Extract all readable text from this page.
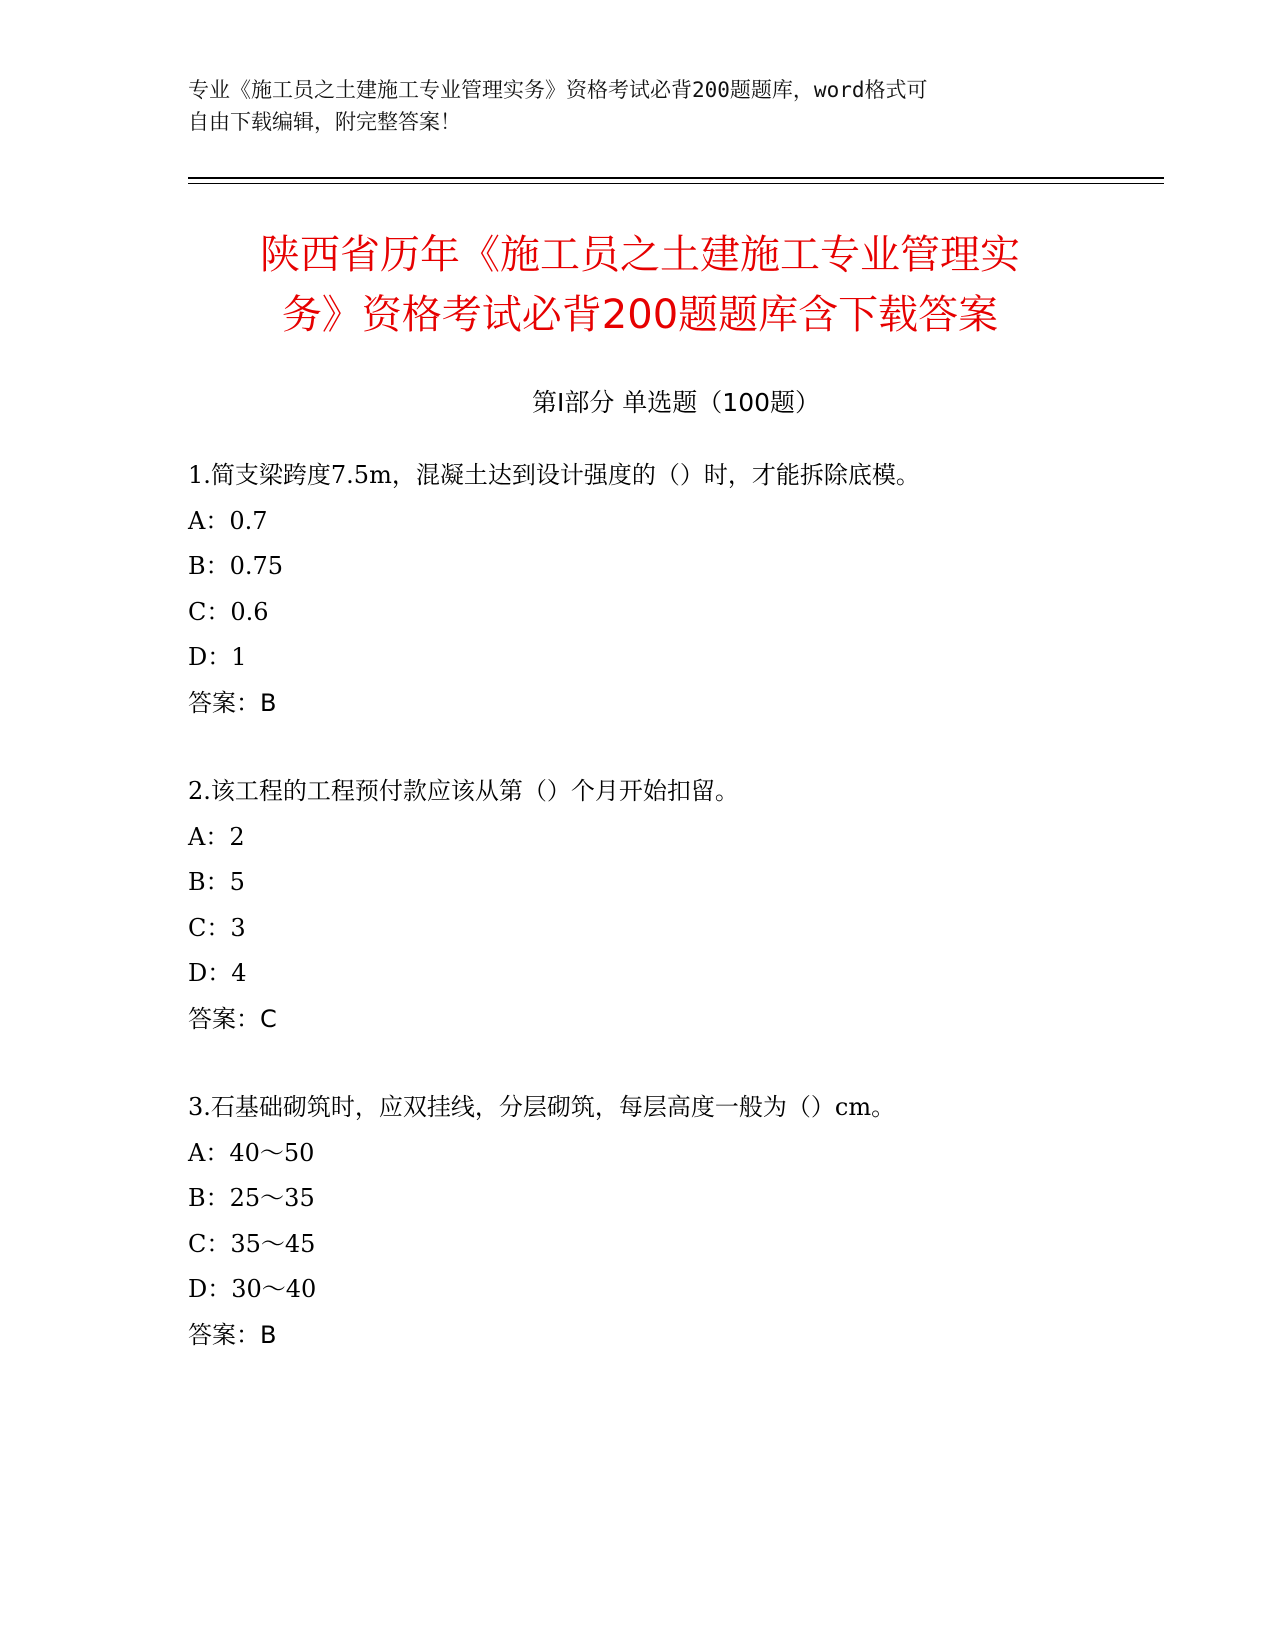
专业《施工员之土建施工专业管理实务》资格考试必背200题题库，word格式可
自由下载编辑，附完整答案！
陕西省历年《施工员之土建施工专业管理实
务》资格考试必背200题题库含下载答案
第Ⅰ部分 单选题（100题）
1.简支梁跨度7.5m，混凝土达到设计强度的（）时，才能拆除底模。
A：0.7
B：0.75
C：0.6
D：1
答案：B
2.该工程的工程预付款应该从第（）个月开始扣留。
A：2
B：5
C：3
D：4
答案：C
3.石基础砌筑时，应双挂线，分层砌筑，每层高度一般为（）cm。
A：40～50
B：25～35
C：35～45
D：30～40
答案：B
